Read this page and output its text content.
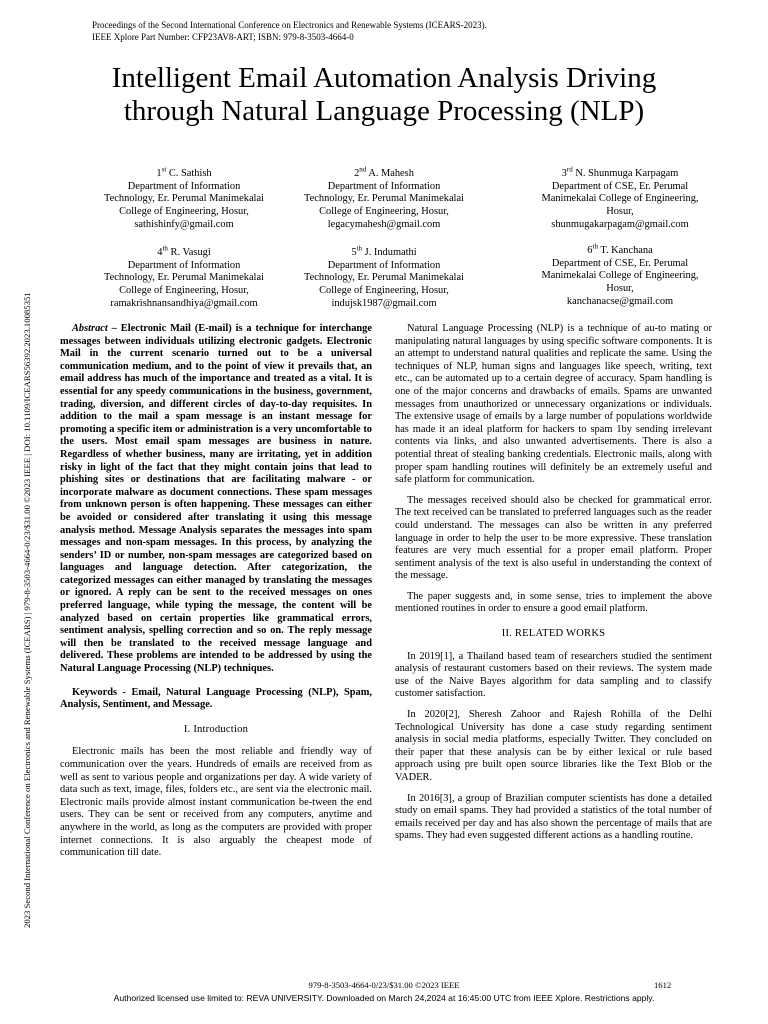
Proceedings of the Second International Conference on Electronics and Renewable Systems (ICEARS-2023).
IEEE Xplore Part Number: CFP23AV8-ART; ISBN: 979-8-3503-4664-0
Intelligent Email Automation Analysis Driving
through Natural Language Processing (NLP)
1st C. Sathish
Department of Information
Technology, Er. Perumal Manimekalai
College of Engineering, Hosur,
sathishinfy@gmail.com
2nd A. Mahesh
Department of Information
Technology, Er. Perumal Manimekalai
College of Engineering, Hosur,
legacymahesh@gmail.com
3rd N. Shunmuga Karpagam
Department of CSE, Er. Perumal
Manimekalai College of Engineering,
Hosur,
shunmugakarpagam@gmail.com
4th R. Vasugi
Department of Information
Technology, Er. Perumal Manimekalai
College of Engineering, Hosur,
ramakrishnansandhiya@gmail.com
5th J. Indumathi
Department of Information
Technology, Er. Perumal Manimekalai
College of Engineering, Hosur,
indujsk1987@gmail.com
6th T. Kanchana
Department of CSE, Er. Perumal
Manimekalai College of Engineering,
Hosur,
kanchanacse@gmail.com

Abstract – Electronic Mail (E-mail) is a technique for interchange messages between individuals utilizing electronic gadgets. Electronic Mail in the current scenario turned out to be a universal communication medium, and to the point of view it prevails that, an email address has much of the importance and treated as a vital. It is essential for any speedy communications in the business, government, trading, diversion, and different circles of day-to-day requisites. In addition to the mail a spam message is an instant message for promoting a specific item or administration is a very uncomfortable to the users. Most email spam messages are business in nature. Regardless of whether business, many are irritating, yet in addition risky in light of the fact that they might contain joins that lead to phishing sites or destinations that are facilitating malware - or incorporate malware as document connections. These spam messages from unknown person is often happening. These messages can either be avoided or considered after translating it using this message analysis method. Message Analysis separates the messages into spam messages and non-spam messages. In this process, by analyzing the senders’ ID or number, non-spam messages are categorized based on languages and language detection. After categorization, the categorized messages can either managed by translating the messages or ignored. A reply can be sent to the received messages on ones preferred language, while typing the message, the content will be analyzed based on certain properties like grammatical errors, sentiment analysis, spelling correction and so on. The reply message will then be translated to the received message language and delivered. These problems are intended to be addressed by using the Natural Language Processing (NLP) techniques.

Keywords - Email, Natural Language Processing (NLP), Spam, Analysis, Sentiment, and Message.

I. Introduction

Electronic mails has been the most reliable and friendly way of communication over the years. Hundreds of emails are received from as well as sent to various people and organizations per day. A wide variety of data such as text, image, files, folders etc., are sent via the electronic mail. Electronic mails provide almost instant communication be-tween the end users. They can be sent or received from any computers, anytime and anywhere in the world, as long as the computers are provided with proper internet connections. It is also arguably the cheapest mode of communication till date.

Natural Language Processing (NLP) is a technique of au-to mating or manipulating natural languages by using specific software components. It is an attempt to understand natural qualities and replicate the same. Using the techniques of NLP, human signs and languages like speech, writing, text etc., can be automated up to a certain degree of accuracy. Spam handling is one of the major concerns and drawbacks of emails. Spams are unwanted messages from unauthorized or unnecessary organizations or individuals. The extensive usage of emails by a large number of populations worldwide has made it an ideal platform for hackers to spam 1by sending irrelevant contents via links, and also unwanted advertisements. There is also a potential threat of stealing banking credentials. Electronic mails, along with proper spam handling routines will definitely be an extremely useful and safe platform for communication.

The messages received should also be checked for grammatical error. The text received can be translated to preferred languages such as the reader could understand. The messages can also be written in any preferred language in order to help the user to be more expressive. These translation features are very much essential for a proper email platform. Proper sentiment analysis of the text is also useful in understanding the context of the message.

The paper suggests and, in some sense, tries to implement the above mentioned routines in order to ensure a good email platform.

II. RELATED WORKS

In 2019[1], a Thailand based team of researchers studied the sentiment analysis of restaurant customers based on their reviews. The system made use of the Naive Bayes algorithm for data sampling and to classify customer satisfaction.

In 2020[2], Sheresh Zahoor and Rajesh Rohilla of the Delhi Technological University has done a case study regarding sentiment analysis in social media platforms, especially Twitter. They concluded on their paper that these analysis can be by either lexical or rule based approach using pre built open source libraries like the Text Blob or the VADER.

In 2016[3], a group of Brazilian computer scientists has done a detailed study on email spams. They had provided a statistics of the total number of emails received per day and has also shown the percentage of mails that are spams. They had even suggested different actions as a handling routine.

2023 Second International Conference on Electronics and Renewable Systems (ICEARS) | 979-8-3503-4664-0/23/$31.00 ©2023 IEEE | DOI: 10.1109/ICEARS56392.2023.10085351
979-8-3503-4664-0/23/$31.00 ©2023 IEEE	1612
Authorized licensed use limited to: REVA UNIVERSITY. Downloaded on March 24,2024 at 16:45:00 UTC from IEEE Xplore. Restrictions apply.
